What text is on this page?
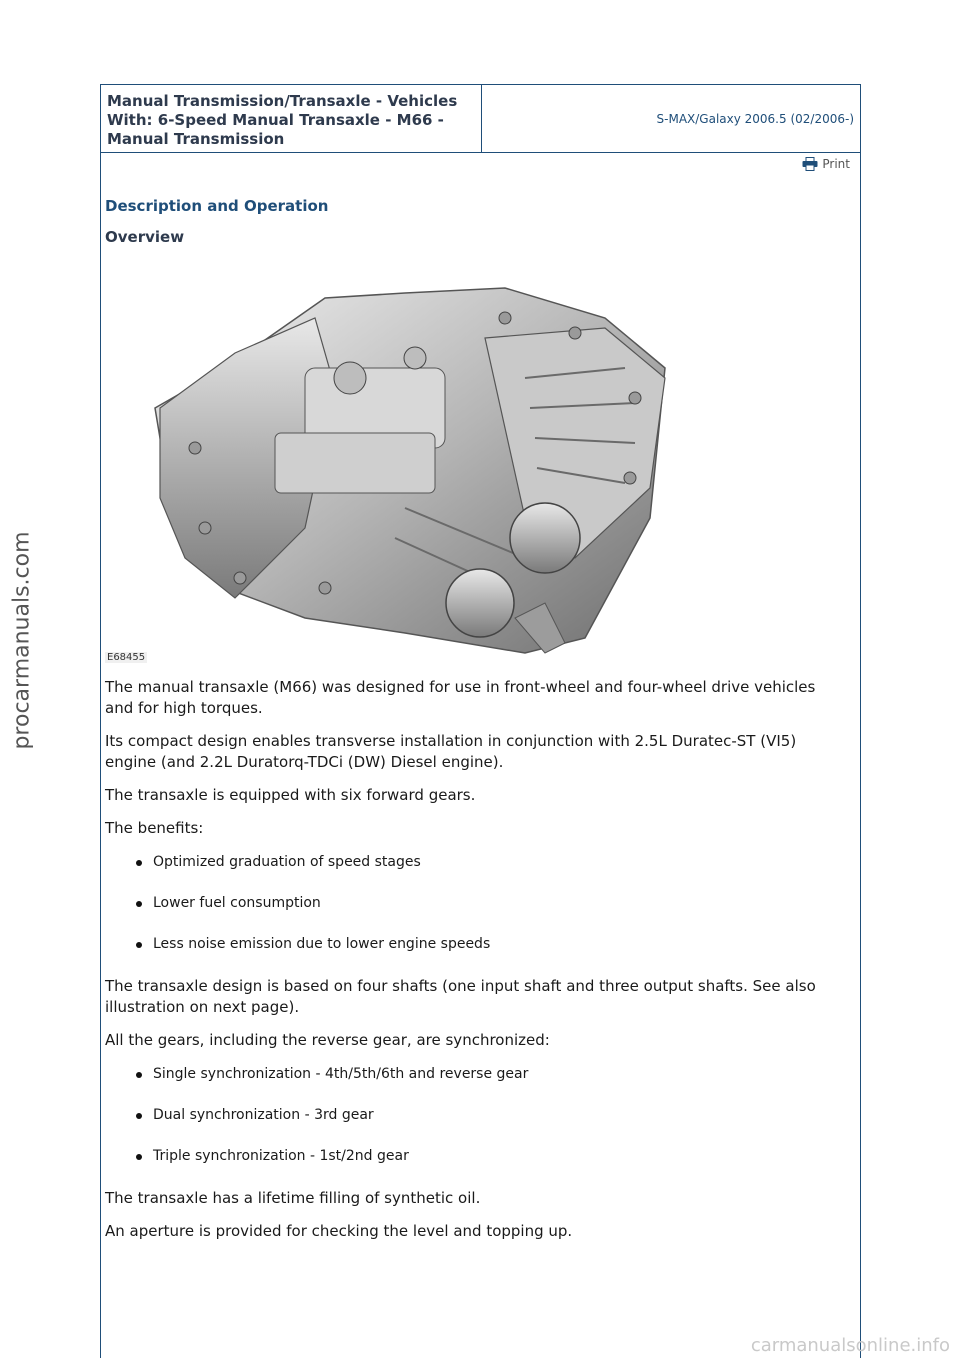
procarmanuals.com
Manual Transmission/Transaxle - Vehicles With: 6-Speed Manual Transaxle - M66 - Manual Transmission
S-MAX/Galaxy 2006.5 (02/2006-)
Print
Description and Operation
Overview
E68455

The manual transaxle (M66) was designed for use in front-wheel and four-wheel drive vehicles and for high torques.

Its compact design enables transverse installation in conjunction with 2.5L Duratec-ST (VI5) engine (and 2.2L Duratorq-TDCi (DW) Diesel engine).

The transaxle is equipped with six forward gears.

The benefits:

Optimized graduation of speed stages
Lower fuel consumption
Less noise emission due to lower engine speeds

The transaxle design is based on four shafts (one input shaft and three output shafts. See also illustration on next page).

All the gears, including the reverse gear, are synchronized:

Single synchronization - 4th/5th/6th and reverse gear
Dual synchronization - 3rd gear
Triple synchronization - 1st/2nd gear

The transaxle has a lifetime filling of synthetic oil.

An aperture is provided for checking the level and topping up.

carmanualsonline.info
